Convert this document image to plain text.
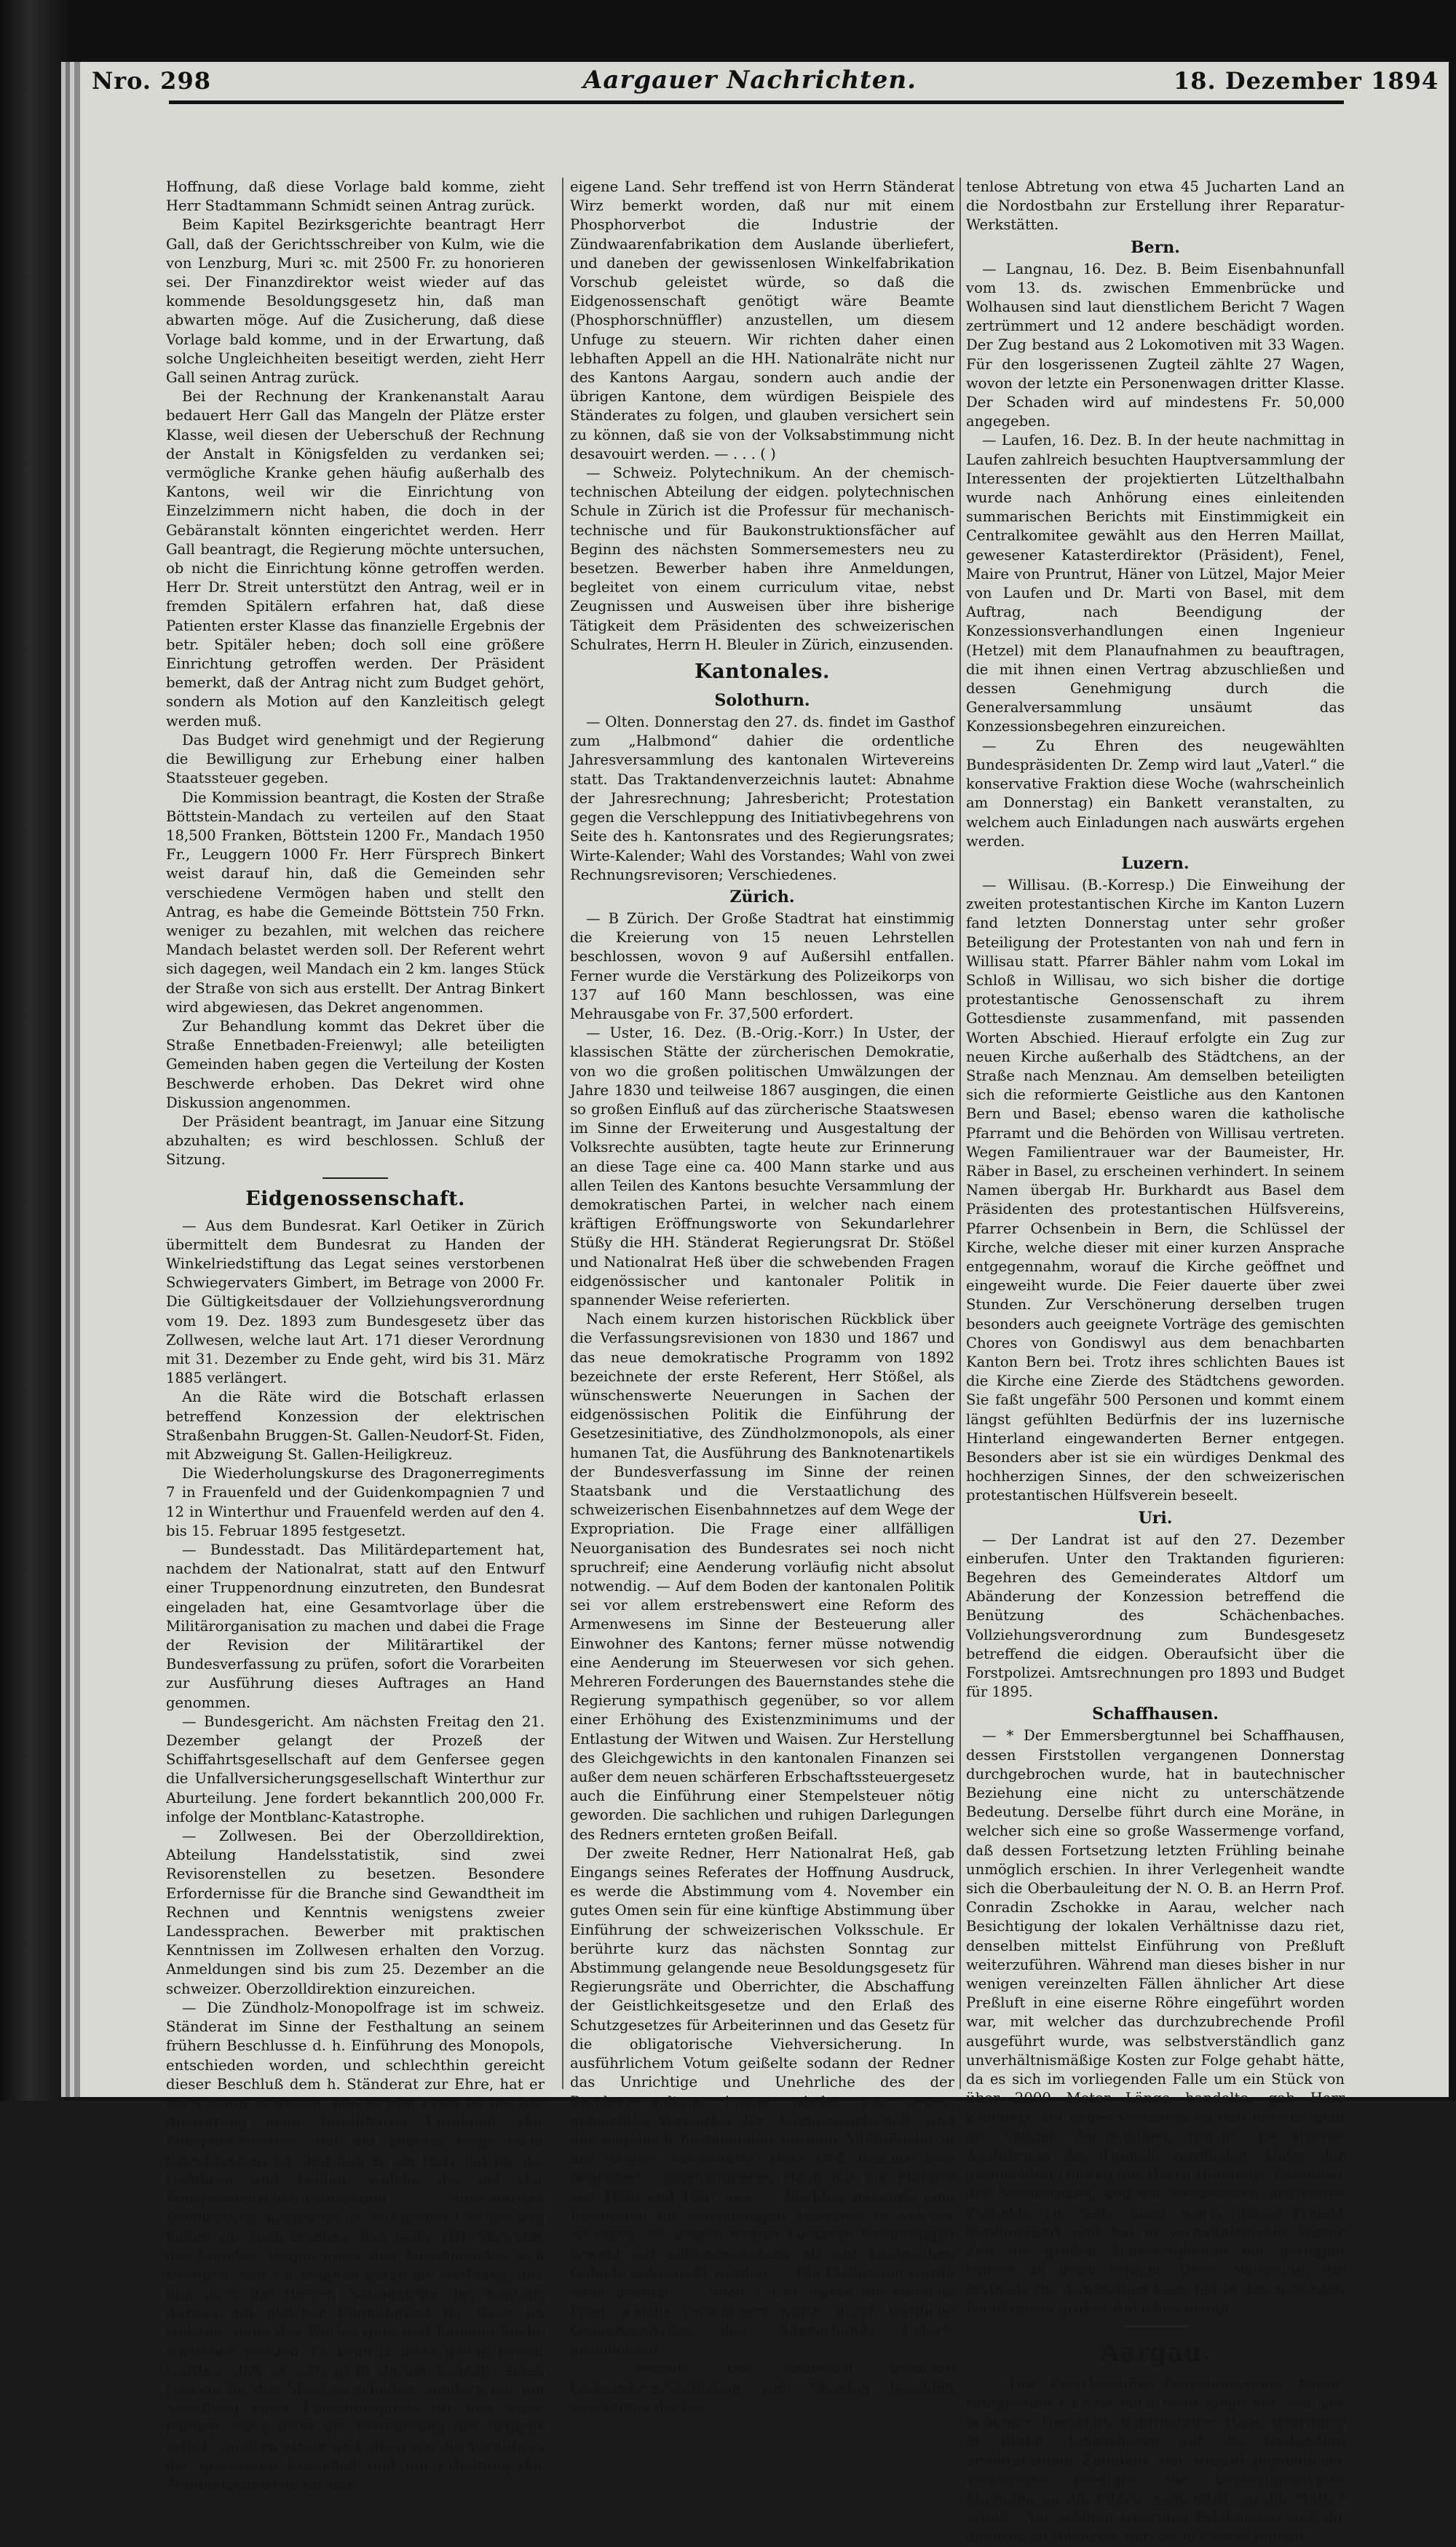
Nro. 298	Aargauer Nachrichten.	18. Dezember 1894

Hoffnung, daß diese Vorlage bald komme, zieht Herr Stadtammann Schmidt seinen Antrag zurück.

Beim Kapitel Bezirksgerichte beantragt Herr Gall, daß der Gerichtsschreiber von Kulm, wie die von Lenzburg, Muri ꝛc. mit 2500 Fr. zu honorieren sei. Der Finanzdirektor weist wieder auf das kommende Besoldungsgesetz hin, daß man abwarten möge. Auf die Zusicherung, daß diese Vorlage bald komme, und in der Erwartung, daß solche Ungleichheiten beseitigt werden, zieht Herr Gall seinen Antrag zurück.

Bei der Rechnung der Krankenanstalt Aarau bedauert Herr Gall das Mangeln der Plätze erster Klasse, weil diesen der Ueberschuß der Rechnung der Anstalt in Königsfelden zu verdanken sei; vermögliche Kranke gehen häufig außerhalb des Kantons, weil wir die Einrichtung von Einzelzimmern nicht haben, die doch in der Gebäranstalt könnten eingerichtet werden. Herr Gall beantragt, die Regierung möchte untersuchen, ob nicht die Einrichtung könne getroffen werden. Herr Dr. Streit unterstützt den Antrag, weil er in fremden Spitälern erfahren hat, daß diese Patienten erster Klasse das finanzielle Ergebnis der betr. Spitäler heben; doch soll eine größere Einrichtung getroffen werden. Der Präsident bemerkt, daß der Antrag nicht zum Budget gehört, sondern als Motion auf den Kanzleitisch gelegt werden muß.

Das Budget wird genehmigt und der Regierung die Bewilligung zur Erhebung einer halben Staatssteuer gegeben.

Die Kommission beantragt, die Kosten der Straße Böttstein-Mandach zu verteilen auf den Staat 18,500 Franken, Böttstein 1200 Fr., Mandach 1950 Fr., Leuggern 1000 Fr. Herr Fürsprech Binkert weist darauf hin, daß die Gemeinden sehr verschiedene Vermögen haben und stellt den Antrag, es habe die Gemeinde Böttstein 750 Frkn. weniger zu bezahlen, mit welchen das reichere Mandach belastet werden soll. Der Referent wehrt sich dagegen, weil Mandach ein 2 km. langes Stück der Straße von sich aus erstellt. Der Antrag Binkert wird abgewiesen, das Dekret angenommen.

Zur Behandlung kommt das Dekret über die Straße Ennetbaden-Freienwyl; alle beteiligten Gemeinden haben gegen die Verteilung der Kosten Beschwerde erhoben. Das Dekret wird ohne Diskussion angenommen.

Der Präsident beantragt, im Januar eine Sitzung abzuhalten; es wird beschlossen. Schluß der Sitzung.

Eidgenossenschaft.

— Aus dem Bundesrat. Karl Oetiker in Zürich übermittelt dem Bundesrat zu Handen der Winkelriedstiftung das Legat seines verstorbenen Schwiegervaters Gimbert, im Betrage von 2000 Fr. Die Gültigkeitsdauer der Vollziehungsverordnung vom 19. Dez. 1893 zum Bundesgesetz über das Zollwesen, welche laut Art. 171 dieser Verordnung mit 31. Dezember zu Ende geht, wird bis 31. März 1885 verlängert.

An die Räte wird die Botschaft erlassen betreffend Konzession der elektrischen Straßenbahn Bruggen-St. Gallen-Neudorf-St. Fiden, mit Abzweigung St. Gallen-Heiligkreuz.

Die Wiederholungskurse des Dragonerregiments 7 in Frauenfeld und der Guidenkompagnien 7 und 12 in Winterthur und Frauenfeld werden auf den 4. bis 15. Februar 1895 festgesetzt.

— Bundesstadt. Das Militärdepartement hat, nachdem der Nationalrat, statt auf den Entwurf einer Truppenordnung einzutreten, den Bundesrat eingeladen hat, eine Gesamtvorlage über die Militärorganisation zu machen und dabei die Frage der Revision der Militärartikel der Bundesverfassung zu prüfen, sofort die Vorarbeiten zur Ausführung dieses Auftrages an Hand genommen.

— Bundesgericht. Am nächsten Freitag den 21. Dezember gelangt der Prozeß der Schiffahrtsgesellschaft auf dem Genfersee gegen die Unfallversicherungsgesellschaft Winterthur zur Aburteilung. Jene fordert bekanntlich 200,000 Fr. infolge der Montblanc-Katastrophe.

— Zollwesen. Bei der Oberzolldirektion, Abteilung Handelsstatistik, sind zwei Revisorenstellen zu besetzen. Besondere Erfordernisse für die Branche sind Gewandtheit im Rechnen und Kenntnis wenigstens zweier Landessprachen. Bewerber mit praktischen Kenntnissen im Zollwesen erhalten den Vorzug. Anmeldungen sind bis zum 25. Dezember an die schweizer. Oberzolldirektion einzureichen.

— Die Zündholz-Monopolfrage ist im schweiz. Ständerat im Sinne der Festhaltung an seinem frühern Beschlusse d. h. Einführung des Monopols, entschieden worden, und schlechthin gereicht dieser Beschluß dem h. Ständerat zur Ehre, hat er doch damit bewiesen, daß es ihm Ernst ist mit der Ausrottung jener furchtbaren Krankheit, der Phosphor-Necrose, der auf anderm Wege nicht beizukommen ist, und daß er ein Herz hat für die Gefahren und Leiden, welche die mit der Phosphorhölzchen-Fabrikation beschäftigte Bevölkerung ausgesetzt ist. Mit größer Genugtuung haben wir auch ersehen, daß beide HH. Vertreter des Standes Aargau unter den Annehmenden sich befinden, und wir knüpfen daran die Hoffnung, daß nun auch die Herren Nationalräte des Kantons Aargau mit gleicher Einmütigkeit für diese im vollsten Sinne des Wortes gute und humane Sache einstehen werden. Es kann ja nicht genug betont werden, daß es sich nicht darum handelt, einen Gewinn für den Staat zu schaffen, sondern nur um Schaffung einer Einnahmsquelle für den Staat handelt, auch nicht um Verteuerung des Artikels selbst, sondern einzig und allein um die Verhütung der genannten Krankheit und um Erhaltung der Zündholzindustrie für das

eigene Land. Sehr treffend ist von Herrn Ständerat Wirz bemerkt worden, daß nur mit einem Phosphorverbot die Industrie der Zündwaarenfabrikation dem Auslande überliefert, und daneben der gewissenlosen Winkelfabrikation Vorschub geleistet würde, so daß die Eidgenossenschaft genötigt wäre Beamte (Phosphorschnüffler) anzustellen, um diesem Unfuge zu steuern. Wir richten daher einen lebhaften Appell an die HH. Nationalräte nicht nur des Kantons Aargau, sondern auch andie der übrigen Kantone, dem würdigen Beispiele des Ständerates zu folgen, und glauben versichert sein zu können, daß sie von der Volksabstimmung nicht desavouirt werden. — . . . ( )

— Schweiz. Polytechnikum. An der chemisch-technischen Abteilung der eidgen. polytechnischen Schule in Zürich ist die Professur für mechanisch-technische und für Baukonstruktionsfächer auf Beginn des nächsten Sommersemesters neu zu besetzen. Bewerber haben ihre Anmeldungen, begleitet von einem curriculum vitae, nebst Zeugnissen und Ausweisen über ihre bisherige Tätigkeit dem Präsidenten des schweizerischen Schulrates, Herrn H. Bleuler in Zürich, einzusenden.

Kantonales.
Solothurn.

— Olten. Donnerstag den 27. ds. findet im Gasthof zum „Halbmond“ dahier die ordentliche Jahresversammlung des kantonalen Wirtevereins statt. Das Traktandenverzeichnis lautet: Abnahme der Jahresrechnung; Jahresbericht; Protestation gegen die Verschleppung des Initiativbegehrens von Seite des h. Kantonsrates und des Regierungsrates; Wirte-Kalender; Wahl des Vorstandes; Wahl von zwei Rechnungsrevisoren; Verschiedenes.

Zürich.

— B Zürich. Der Große Stadtrat hat einstimmig die Kreierung von 15 neuen Lehrstellen beschlossen, wovon 9 auf Außersihl entfallen. Ferner wurde die Verstärkung des Polizeikorps von 137 auf 160 Mann beschlossen, was eine Mehrausgabe von Fr. 37,500 erfordert.

— Uster, 16. Dez. (B.-Orig.-Korr.) In Uster, der klassischen Stätte der zürcherischen Demokratie, von wo die großen politischen Umwälzungen der Jahre 1830 und teilweise 1867 ausgingen, die einen so großen Einfluß auf das zürcherische Staatswesen im Sinne der Erweiterung und Ausgestaltung der Volksrechte ausübten, tagte heute zur Erinnerung an diese Tage eine ca. 400 Mann starke und aus allen Teilen des Kantons besuchte Versammlung der demokratischen Partei, in welcher nach einem kräftigen Eröffnungsworte von Sekundarlehrer Stüßy die HH. Ständerat Regierungsrat Dr. Stößel und Nationalrat Heß über die schwebenden Fragen eidgenössischer und kantonaler Politik in spannender Weise referierten.

Nach einem kurzen historischen Rückblick über die Verfassungsrevisionen von 1830 und 1867 und das neue demokratische Programm von 1892 bezeichnete der erste Referent, Herr Stößel, als wünschenswerte Neuerungen in Sachen der eidgenössischen Politik die Einführung der Gesetzesinitiative, des Zündholzmonopols, als einer humanen Tat, die Ausführung des Banknotenartikels der Bundesverfassung im Sinne der reinen Staatsbank und die Verstaatlichung des schweizerischen Eisenbahnnetzes auf dem Wege der Expropriation. Die Frage einer allfälligen Neuorganisation des Bundesrates sei noch nicht spruchreif; eine Aenderung vorläufig nicht absolut notwendig. — Auf dem Boden der kantonalen Politik sei vor allem erstrebenswert eine Reform des Armenwesens im Sinne der Besteuerung aller Einwohner des Kantons; ferner müsse notwendig eine Aenderung im Steuerwesen vor sich gehen. Mehreren Forderungen des Bauernstandes stehe die Regierung sympathisch gegenüber, so vor allem einer Erhöhung des Existenzminimums und der Entlastung der Witwen und Waisen. Zur Herstellung des Gleichgewichts in den kantonalen Finanzen sei außer dem neuen schärferen Erbschaftssteuergesetz auch die Einführung einer Stempelsteuer nötig geworden. Die sachlichen und ruhigen Darlegungen des Redners ernteten großen Beifall.

Der zweite Redner, Herr Nationalrat Heß, gab Eingangs seines Referates der Hoffnung Ausdruck, es werde die Abstimmung vom 4. November ein gutes Omen sein für eine künftige Abstimmung über Einführung der schweizerischen Volksschule. Er berührte kurz das nächsten Sonntag zur Abstimmung gelangende neue Besoldungsgesetz für Regierungsräte und Oberrichter, die Abschaffung der Geistlichkeitsgesetze und den Erlaß des Schutzgesetzes für Arbeiterinnen und das Gesetz für die obligatorische Viehversicherung. In ausführlichem Votum geißelte sodann der Redner das Unrichtige und Unehrliche des der Bundesverwaltung immer wieder von neuem gemachten Vorwurfes der „Lumpenwirtschaft“ und der angeblich bestehenden übrigen Mißbräuche in der eidgen. Verwaltung. Herr Heß brachte sein begeistert aufgenommenes Hoch auf die Männer von 1830 und 1867 aus. — Nachher gelangte eine Resolution zur einstimmigen Annahme, in welcher im Sinne der beiden Redner vielfache Forderungen sowohl auf eidgenössischem als auf kantonalem Gebiete aufgestellt werden. — Die Diskussion wurde nicht benützt. — Nach 7 Uhr wurde die einfache Feier, welche verschönert wurde durch treffliche Gesangsvorträge des „Sängerbunds Uster“, geschlossen.

— Bülach. Die zahlreich besuchte Gemeindeversammlung vom Sonntag beschloß einstimmig die kos-

tenlose Abtretung von etwa 45 Jucharten Land an die Nordostbahn zur Erstellung ihrer Reparatur-Werkstätten.

Bern.

— Langnau, 16. Dez. B. Beim Eisenbahnunfall vom 13. ds. zwischen Emmenbrücke und Wolhausen sind laut dienstlichem Bericht 7 Wagen zertrümmert und 12 andere beschädigt worden. Der Zug bestand aus 2 Lokomotiven mit 33 Wagen. Für den losgerissenen Zugteil zählte 27 Wagen, wovon der letzte ein Personenwagen dritter Klasse. Der Schaden wird auf mindestens Fr. 50,000 angegeben.

— Laufen, 16. Dez. B. In der heute nachmittag in Laufen zahlreich besuchten Hauptversammlung der Interessenten der projektierten Lützelthalbahn wurde nach Anhörung eines einleitenden summarischen Berichts mit Einstimmigkeit ein Centralkomitee gewählt aus den Herren Maillat, gewesener Katasterdirektor (Präsident), Fenel, Maire von Pruntrut, Häner von Lützel, Major Meier von Laufen und Dr. Marti von Basel, mit dem Auftrag, nach Beendigung der Konzessionsverhandlungen einen Ingenieur (Hetzel) mit dem Planaufnahmen zu beauftragen, die mit ihnen einen Vertrag abzuschließen und dessen Genehmigung durch die Generalversammlung unsäumt das Konzessionsbegehren einzureichen.

— Zu Ehren des neugewählten Bundespräsidenten Dr. Zemp wird laut „Vaterl.“ die konservative Fraktion diese Woche (wahrscheinlich am Donnerstag) ein Bankett veranstalten, zu welchem auch Einladungen nach auswärts ergehen werden.

Luzern.

— Willisau. (B.-Korresp.) Die Einweihung der zweiten protestantischen Kirche im Kanton Luzern fand letzten Donnerstag unter sehr großer Beteiligung der Protestanten von nah und fern in Willisau statt. Pfarrer Bähler nahm vom Lokal im Schloß in Willisau, wo sich bisher die dortige protestantische Genossenschaft zu ihrem Gottesdienste zusammenfand, mit passenden Worten Abschied. Hierauf erfolgte ein Zug zur neuen Kirche außerhalb des Städtchens, an der Straße nach Menznau. Am demselben beteiligten sich die reformierte Geistliche aus den Kantonen Bern und Basel; ebenso waren die katholische Pfarramt und die Behörden von Willisau vertreten. Wegen Familientrauer war der Baumeister, Hr. Räber in Basel, zu erscheinen verhindert. In seinem Namen übergab Hr. Burkhardt aus Basel dem Präsidenten des protestantischen Hülfsvereins, Pfarrer Ochsenbein in Bern, die Schlüssel der Kirche, welche dieser mit einer kurzen Ansprache entgegennahm, worauf die Kirche geöffnet und eingeweiht wurde. Die Feier dauerte über zwei Stunden. Zur Verschönerung derselben trugen besonders auch geeignete Vorträge des gemischten Chores von Gondiswyl aus dem benachbarten Kanton Bern bei. Trotz ihres schlichten Baues ist die Kirche eine Zierde des Städtchens geworden. Sie faßt ungefähr 500 Personen und kommt einem längst gefühlten Bedürfnis der ins luzernische Hinterland eingewanderten Berner entgegen. Besonders aber ist sie ein würdiges Denkmal des hochherzigen Sinnes, der den schweizerischen protestantischen Hülfsverein beseelt.

Uri.

— Der Landrat ist auf den 27. Dezember einberufen. Unter den Traktanden figurieren: Begehren des Gemeinderates Altdorf um Abänderung der Konzession betreffend die Benützung des Schächenbaches. Vollziehungsverordnung zum Bundesgesetz betreffend die eidgen. Oberaufsicht über die Forstpolizei. Amtsrechnungen pro 1893 und Budget für 1895.

Schaffhausen.

— * Der Emmersbergtunnel bei Schaffhausen, dessen Firststollen vergangenen Donnerstag durchgebrochen wurde, hat in bautechnischer Beziehung eine nicht zu unterschätzende Bedeutung. Derselbe führt durch eine Moräne, in welcher sich eine so große Wassermenge vorfand, daß dessen Fortsetzung letzten Frühling beinahe unmöglich erschien. In ihrer Verlegenheit wandte sich die Oberbauleitung der N. O. B. an Herrn Prof. Conradin Zschokke in Aarau, welcher nach Besichtigung der lokalen Verhältnisse dazu riet, denselben mittelst Einführung von Preßluft weiterzuführen. Während man dieses bisher in nur wenigen vereinzelten Fällen ähnlicher Art diese Preßluft in eine eiserne Röhre eingeführt worden war, mit welcher das durchzubrechende Profil ausgeführt wurde, was selbstverständlich ganz unverhältnismäßige Kosten zur Folge gehabt hätte, da es sich im vorliegenden Falle um ein Stück von über 2000 Meter Länge handelte, gab Herr Zschokke ein neues Verfahren an und lieferte dazu die nötigen Zeichnungen, welche die eiserne Ausführung des Tunnels vermieden. Unter der geschickten Leitung des Herrn Hennings, Ingenieur der Nordostbahn, und der Werkmeister des Herrn Zschokke zur Seite stand, wurde dieses Projekt durchgeführt und hat in verhältnismäßig kurzer Zeit die großen Schwierigkeiten mit geringen Opfern zu lösen erlaubt. Diese Neuerung, die erstmals zur Anwendung kam, hat in den weitesten Fachkreisen großes Aufsehen erregt.

Aargau.

— Der Bezirksschüler-Tierschutzverein Aarau. (Eingesandt.) Es ist noch nicht lange her, seit der populäre Tierschutz-Schriftsteller Hans Behringer in Berlin, hingewiesen auf die beständige erschreckende Zunahme der Anzahl jugendlicher Verbrecher predigte, die beherzigenswerte Mahnung an die Eltern, namentlich an die Mütter erließ: „Vor solchen traurigen Erlebnissen seid ihr dadurch zu schützen, daß ihr in's zarte Jugend-
